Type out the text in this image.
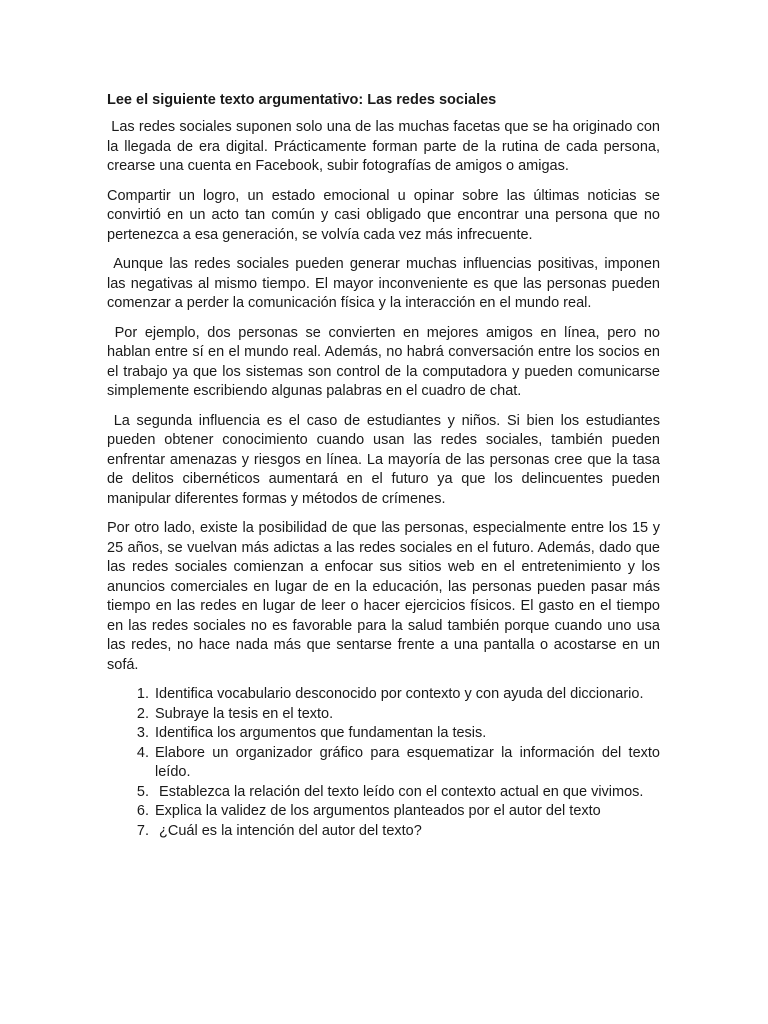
Lee el siguiente texto argumentativo: Las redes sociales

Las redes sociales suponen solo una de las muchas facetas que se ha originado con la llegada de era digital. Prácticamente forman parte de la rutina de cada persona, crearse una cuenta en Facebook, subir fotografías de amigos o amigas.

Compartir un logro, un estado emocional u opinar sobre las últimas noticias se convirtió en un acto tan común y casi obligado que encontrar una persona que no pertenezca a esa generación, se volvía cada vez más infrecuente.

Aunque las redes sociales pueden generar muchas influencias positivas, imponen las negativas al mismo tiempo. El mayor inconveniente es que las personas pueden comenzar a perder la comunicación física y la interacción en el mundo real.

Por ejemplo, dos personas se convierten en mejores amigos en línea, pero no hablan entre sí en el mundo real. Además, no habrá conversación entre los socios en el trabajo ya que los sistemas son control de la computadora y pueden comunicarse simplemente escribiendo algunas palabras en el cuadro de chat.

La segunda influencia es el caso de estudiantes y niños. Si bien los estudiantes pueden obtener conocimiento cuando usan las redes sociales, también pueden enfrentar amenazas y riesgos en línea. La mayoría de las personas cree que la tasa de delitos cibernéticos aumentará en el futuro ya que los delincuentes pueden manipular diferentes formas y métodos de crímenes.

Por otro lado, existe la posibilidad de que las personas, especialmente entre los 15 y 25 años, se vuelvan más adictas a las redes sociales en el futuro. Además, dado que las redes sociales comienzan a enfocar sus sitios web en el entretenimiento y los anuncios comerciales en lugar de en la educación, las personas pueden pasar más tiempo en las redes en lugar de leer o hacer ejercicios físicos. El gasto en el tiempo en las redes sociales no es favorable para la salud también porque cuando uno usa las redes, no hace nada más que sentarse frente a una pantalla o acostarse en un sofá.

1. Identifica vocabulario desconocido por contexto y con ayuda del diccionario.
2. Subraye la tesis en el texto.
3. Identifica los argumentos que fundamentan la tesis.
4. Elabore un organizador gráfico para esquematizar la información del texto leído.
5. Establezca la relación del texto leído con el contexto actual en que vivimos.
6. Explica la validez de los argumentos planteados por el autor del texto
7. ¿Cuál es la intención del autor del texto?
